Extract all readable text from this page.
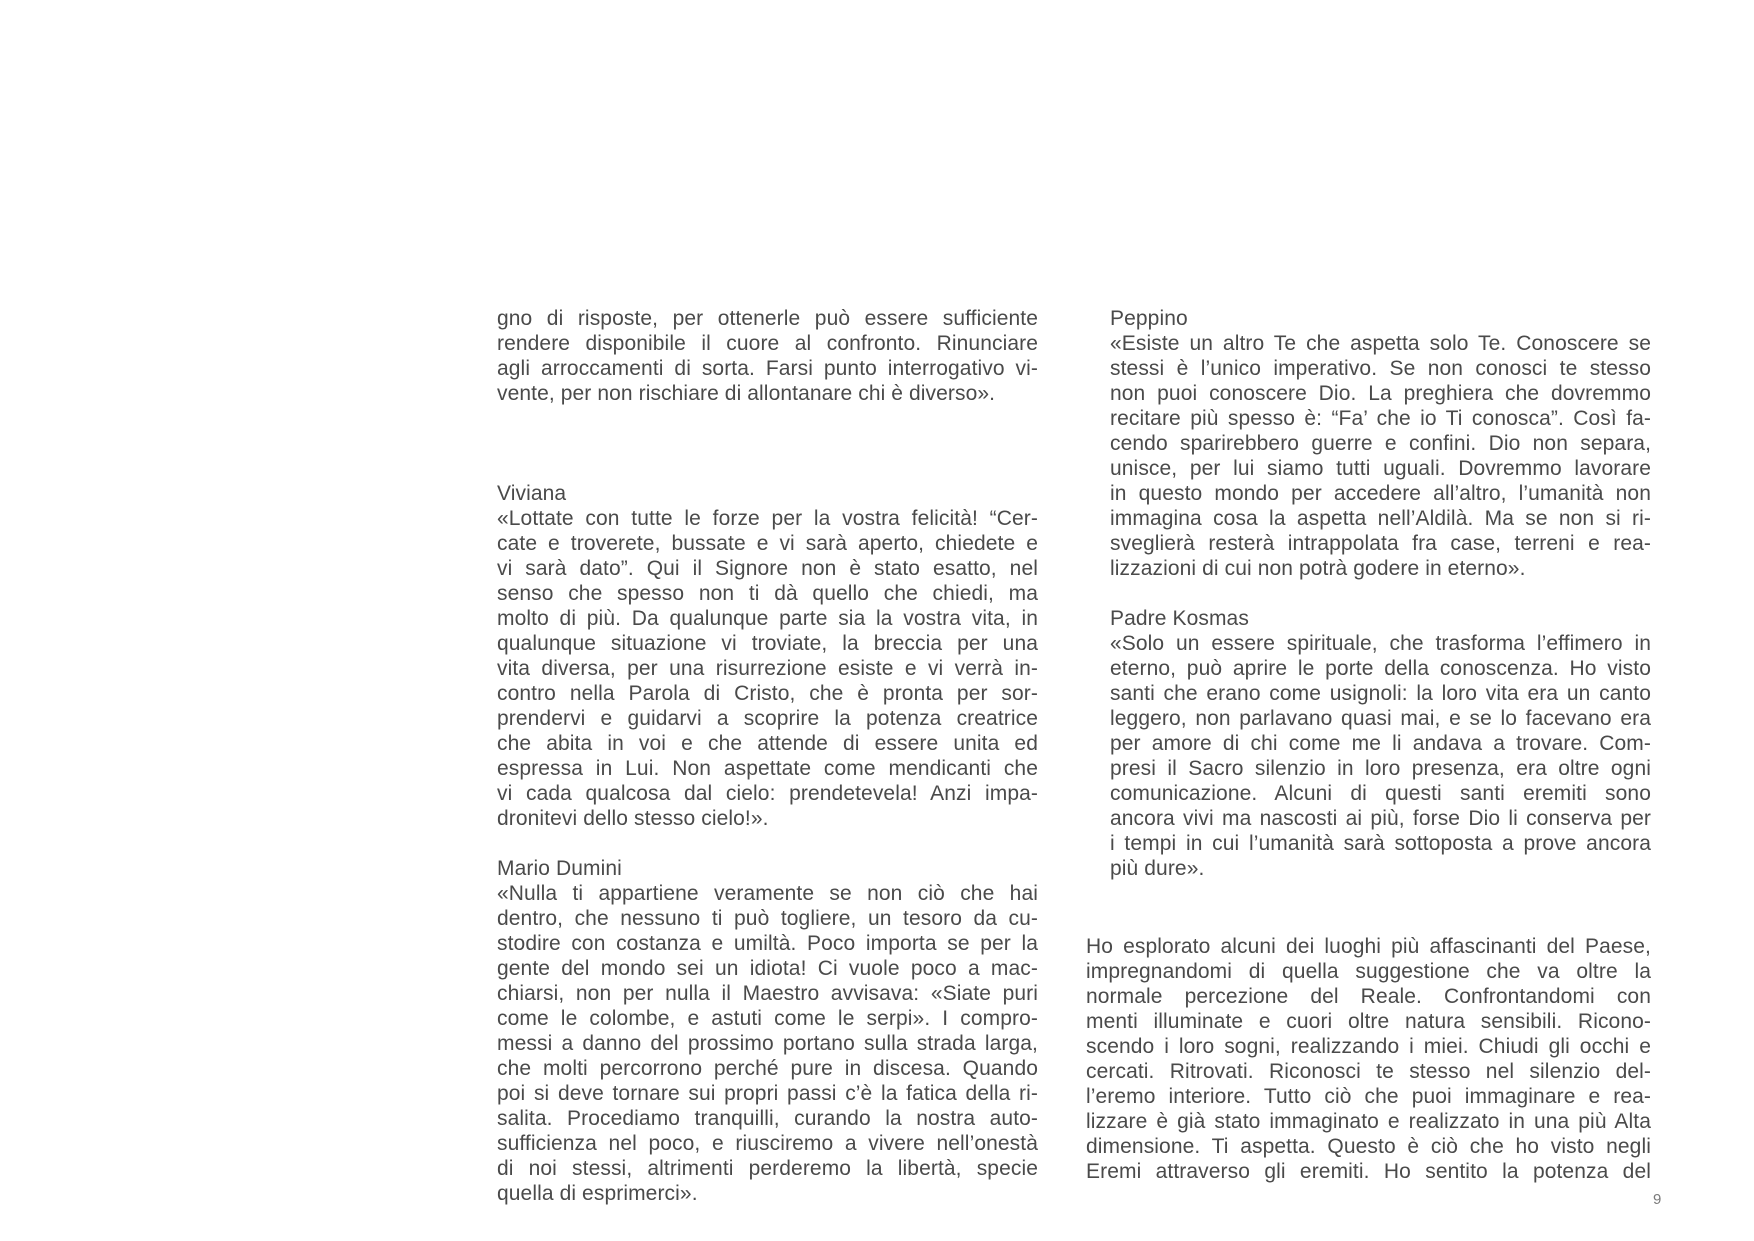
gno di risposte, per ottenerle può essere sufficiente
rendere disponibile il cuore al confronto. Rinunciare
agli arroccamenti di sorta. Farsi punto interrogativo vi-
vente, per non rischiare di allontanare chi è diverso».

Viviana

«Lottate con tutte le forze per la vostra felicità! “Cer-
cate e troverete, bussate e vi sarà aperto, chiedete e
vi sarà dato”. Qui il Signore non è stato esatto, nel
senso che spesso non ti dà quello che chiedi, ma
molto di più. Da qualunque parte sia la vostra vita, in
qualunque situazione vi troviate, la breccia per una
vita diversa, per una risurrezione esiste e vi verrà in-
contro nella Parola di Cristo, che è pronta per sor-
prendervi e guidarvi a scoprire la potenza creatrice
che abita in voi e che attende di essere unita ed
espressa in Lui. Non aspettate come mendicanti che
vi cada qualcosa dal cielo: prendetevela! Anzi impa-
dronitevi dello stesso cielo!».

Mario Dumini

«Nulla ti appartiene veramente se non ciò che hai
dentro, che nessuno ti può togliere, un tesoro da cu-
stodire con costanza e umiltà. Poco importa se per la
gente del mondo sei un idiota! Ci vuole poco a mac-
chiarsi, non per nulla il Maestro avvisava: «Siate puri
come le colombe, e astuti come le serpi». I compro-
messi a danno del prossimo portano sulla strada larga,
che molti percorrono perché pure in discesa. Quando
poi si deve tornare sui propri passi c’è la fatica della ri-
salita. Procediamo tranquilli, curando la nostra auto-
sufficienza nel poco, e riusciremo a vivere nell’onestà
di noi stessi, altrimenti perderemo la libertà, specie
quella di esprimerci».

Peppino

«Esiste un altro Te che aspetta solo Te. Conoscere se
stessi è l’unico imperativo. Se non conosci te stesso
non puoi conoscere Dio. La preghiera che dovremmo
recitare più spesso è: “Fa’ che io Ti conosca”. Così fa-
cendo sparirebbero guerre e confini. Dio non separa,
unisce, per lui siamo tutti uguali. Dovremmo lavorare
in questo mondo per accedere all’altro, l’umanità non
immagina cosa la aspetta nell’Aldilà. Ma se non si ri-
sveglierà resterà intrappolata fra case, terreni e rea-
lizzazioni di cui non potrà godere in eterno».

Padre Kosmas

«Solo un essere spirituale, che trasforma l’effimero in
eterno, può aprire le porte della conoscenza. Ho visto
santi che erano come usignoli: la loro vita era un canto
leggero, non parlavano quasi mai, e se lo facevano era
per amore di chi come me li andava a trovare. Com-
presi il Sacro silenzio in loro presenza, era oltre ogni
comunicazione. Alcuni di questi santi eremiti sono
ancora vivi ma nascosti ai più, forse Dio li conserva per
i tempi in cui l’umanità sarà sottoposta a prove ancora
più dure».

Ho esplorato alcuni dei luoghi più affascinanti del Paese,
impregnandomi di quella suggestione che va oltre la
normale percezione del Reale. Confrontandomi con
menti illuminate e cuori oltre natura sensibili. Ricono-
scendo i loro sogni, realizzando i miei. Chiudi gli occhi e
cercati. Ritrovati. Riconosci te stesso nel silenzio del-
l’eremo interiore. Tutto ciò che puoi immaginare e rea-
lizzare è già stato immaginato e realizzato in una più Alta
dimensione. Ti aspetta. Questo è ciò che ho visto negli
Eremi attraverso gli eremiti. Ho sentito la potenza del

9
